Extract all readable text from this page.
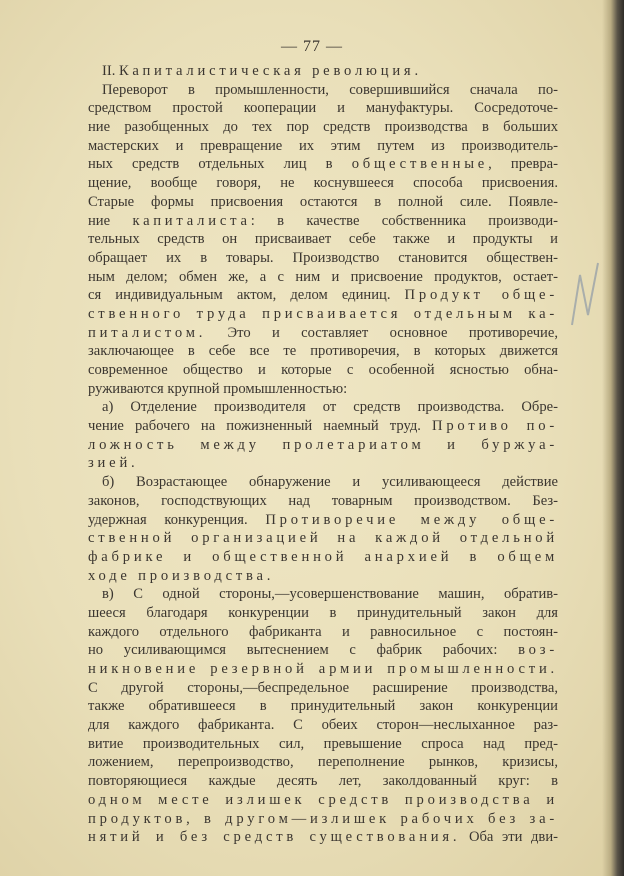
— 77 —
II. Капиталистическая революция.
Переворот в промышленности, совершившийся сначала по-
средством простой кооперации и мануфактуры. Сосредоточе-
ние разобщенных до тех пор средств производства в больших
мастерских и превращение их этим путем из производитель-
ных средств отдельных лиц в общественные, превра-
щение, вообще говоря, не коснувшееся способа присвоения.
Старые формы присвоения остаются в полной силе. Появле-
ние капиталиста: в качестве собственника производи-
тельных средств он присваивает себе также и продукты и
обращает их в товары. Производство становится обществен-
ным делом; обмен же, а с ним и присвоение продуктов, остает-
ся индивидуальным актом, делом единиц. Продукт обще-
ственного труда присваивается отдельным ка-
питалистом. Это и составляет основное противоречие,
заключающее в себе все те противоречия, в которых движется
современное общество и которые с особенной ясностью обна-
руживаются крупной промышленностью:
а) Отделение производителя от средств производства. Обре-
чение рабочего на пожизненный наемный труд. Противо по-
ложность между пролетариатом и буржуа-
зией.
б) Возрастающее обнаружение и усиливающееся действие
законов, господствующих над товарным производством. Без-
удержная конкуренция. Противоречие между обще-
ственной организацией на каждой отдельной
фабрике и общественной анархией в общем
ходе производства.
в) С одной стороны,—усовершенствование машин, обратив-
шееся благодаря конкуренции в принудительный закон для
каждого отдельного фабриканта и равносильное с постоян-
но усиливающимся вытеснением с фабрик рабочих: воз-
никновение резервной армии промышленности.
С другой стороны,—беспредельное расширение производства,
также обратившееся в принудительный закон конкуренции
для каждого фабриканта. С обеих сторон—неслыханное раз-
витие производительных сил, превышение спроса над пред-
ложением, перепроизводство, переполнение рынков, кризисы,
повторяющиеся каждые десять лет, заколдованный круг: в
одном месте излишек средств производства и
продуктов, в другом—излишек рабочих без за-
нятий и без средств существования. Оба эти дви-
